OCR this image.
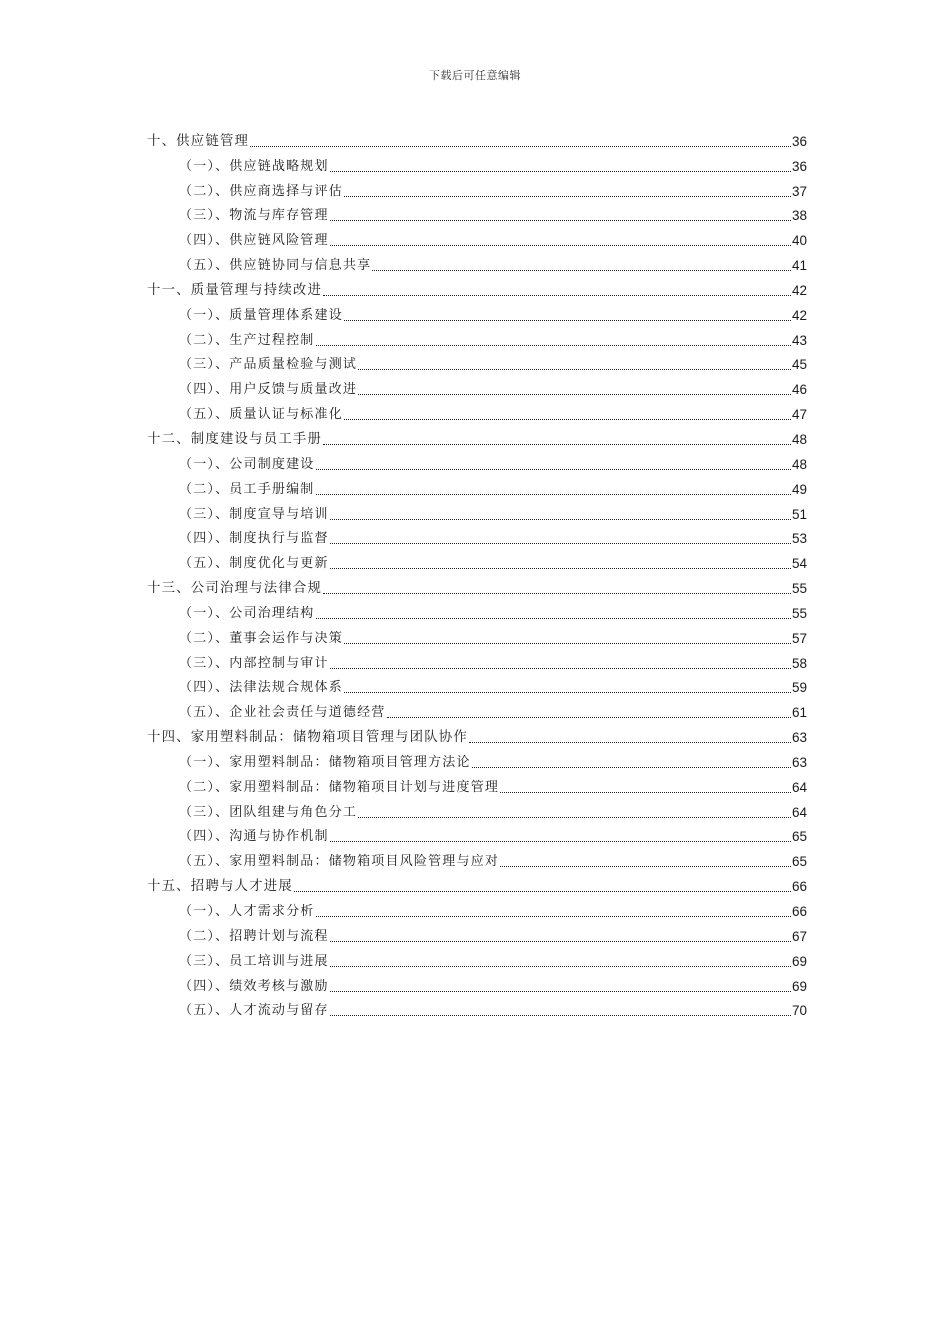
下载后可任意编辑
十、供应链管理	36
（一）、供应链战略规划	36
（二）、供应商选择与评估	37
（三）、物流与库存管理	38
（四）、供应链风险管理	40
（五）、供应链协同与信息共享	41
十一、质量管理与持续改进	42
（一）、质量管理体系建设	42
（二）、生产过程控制	43
（三）、产品质量检验与测试	45
（四）、用户反馈与质量改进	46
（五）、质量认证与标准化	47
十二、制度建设与员工手册	48
（一）、公司制度建设	48
（二）、员工手册编制	49
（三）、制度宣导与培训	51
（四）、制度执行与监督	53
（五）、制度优化与更新	54
十三、公司治理与法律合规	55
（一）、公司治理结构	55
（二）、董事会运作与决策	57
（三）、内部控制与审计	58
（四）、法律法规合规体系	59
（五）、企业社会责任与道德经营	61
十四、家用塑料制品：储物箱项目管理与团队协作	63
（一）、家用塑料制品：储物箱项目管理方法论	63
（二）、家用塑料制品：储物箱项目计划与进度管理	64
（三）、团队组建与角色分工	64
（四）、沟通与协作机制	65
（五）、家用塑料制品：储物箱项目风险管理与应对	65
十五、招聘与人才进展	66
（一）、人才需求分析	66
（二）、招聘计划与流程	67
（三）、员工培训与进展	69
（四）、绩效考核与激励	69
（五）、人才流动与留存	70
